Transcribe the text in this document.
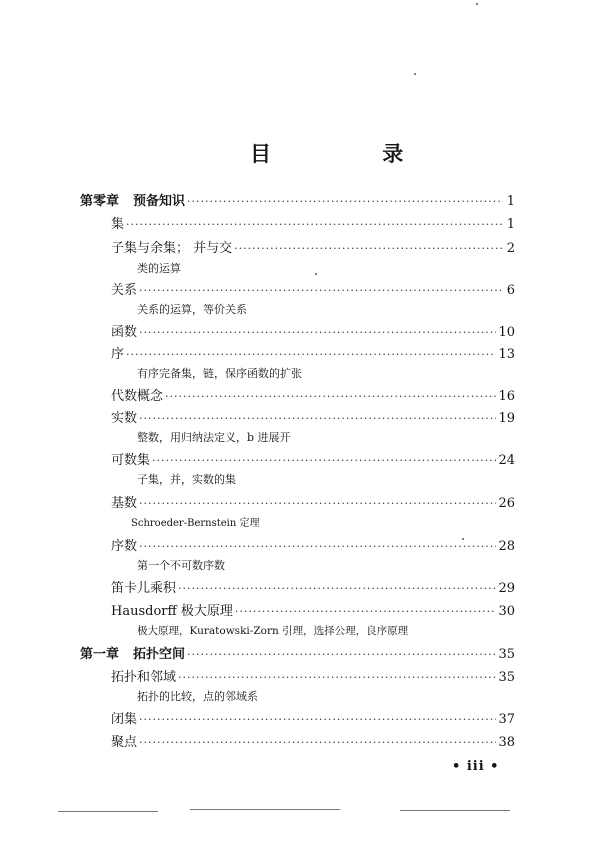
目 录
第零章 预备知识 ·····	1
集 ·····	1
子集与余集； 并与交 ·····	2
类的运算
关系 ·····	6
关系的运算，等价关系
函数 ·····	10
序 ·····	13
有序完备集，链，保序函数的扩张
代数概念 ·····	16
实数 ·····	19
整数，用归纳法定义，b 进展开
可数集 ·····	24
子集，并，实数的集
基数 ·····	26
Schroeder-Bernstein 定理
序数 ·····	28
第一个不可数序数
笛卡儿乘积 ·····	29
Hausdorff 极大原理 ·····	30
极大原理，Kuratowski-Zorn 引理，选择公理，良序原理
第一章 拓扑空间 ·····	35
拓扑和邻域 ·····	35
拓扑的比较，点的邻域系
闭集 ·····	37
聚点 ·····	38
• iii •
